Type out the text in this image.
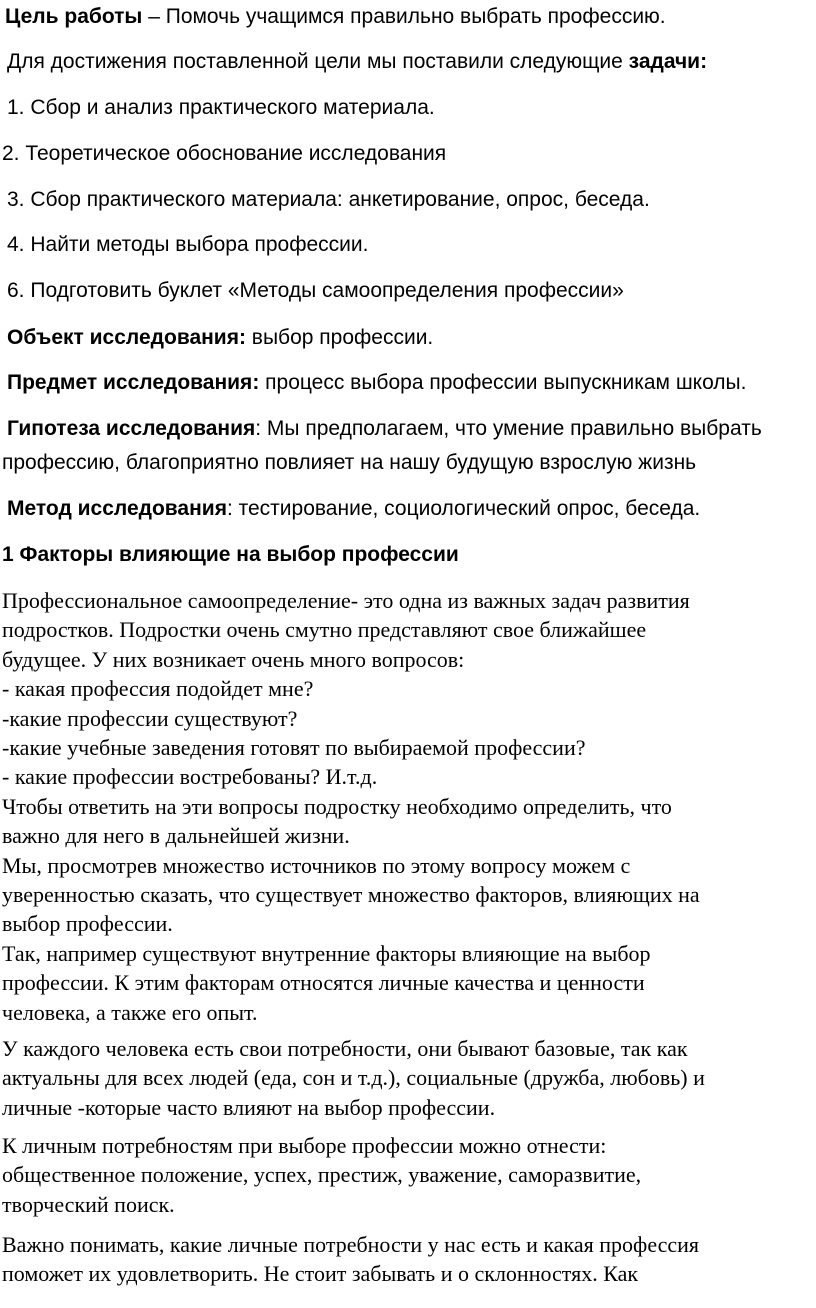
Цель работы – Помочь учащимся правильно выбрать профессию.

Для достижения поставленной цели мы поставили следующие задачи:

1. Сбор и анализ практического материала.

2. Теоретическое обоснование исследования

3. Сбор практического материала: анкетирование, опрос, беседа.

4. Найти методы выбора профессии.

6. Подготовить буклет «Методы самоопределения профессии»

Объект исследования: выбор профессии.

Предмет исследования: процесс выбора профессии выпускникам школы.

Гипотеза исследования: Мы предполагаем, что умение правильно выбрать

профессию, благоприятно повлияет на нашу будущую взрослую жизнь

Метод исследования: тестирование, социологический опрос, беседа.

1 Факторы влияющие на выбор профессии

Профессиональное самоопределение- это одна из важных задач развития
подростков. Подростки очень смутно представляют свое ближайшее
будущее. У них возникает очень много вопросов:
- какая профессия подойдет мне?
-какие профессии существуют?
-какие учебные заведения готовят по выбираемой профессии?
- какие профессии востребованы? И.т.д.
Чтобы ответить на эти вопросы подростку необходимо определить, что
важно для него в дальнейшей жизни.
Мы, просмотрев множество источников по этому вопросу можем с
уверенностью сказать, что существует множество факторов, влияющих на
выбор профессии.
Так, например существуют внутренние факторы влияющие на выбор
профессии. К этим факторам относятся личные качества и ценности
человека, а также его опыт.
У каждого человека есть свои потребности, они бывают базовые, так как
актуальны для всех людей (еда, сон и т.д.), социальные (дружба, любовь) и
личные -которые часто влияют на выбор профессии.
К личным потребностям при выборе профессии можно отнести:
общественное положение, успех, престиж, уважение, саморазвитие,
творческий поиск.
Важно понимать, какие личные потребности у нас есть и какая профессия
поможет их удовлетворить. Не стоит забывать и о склонностях. Как
